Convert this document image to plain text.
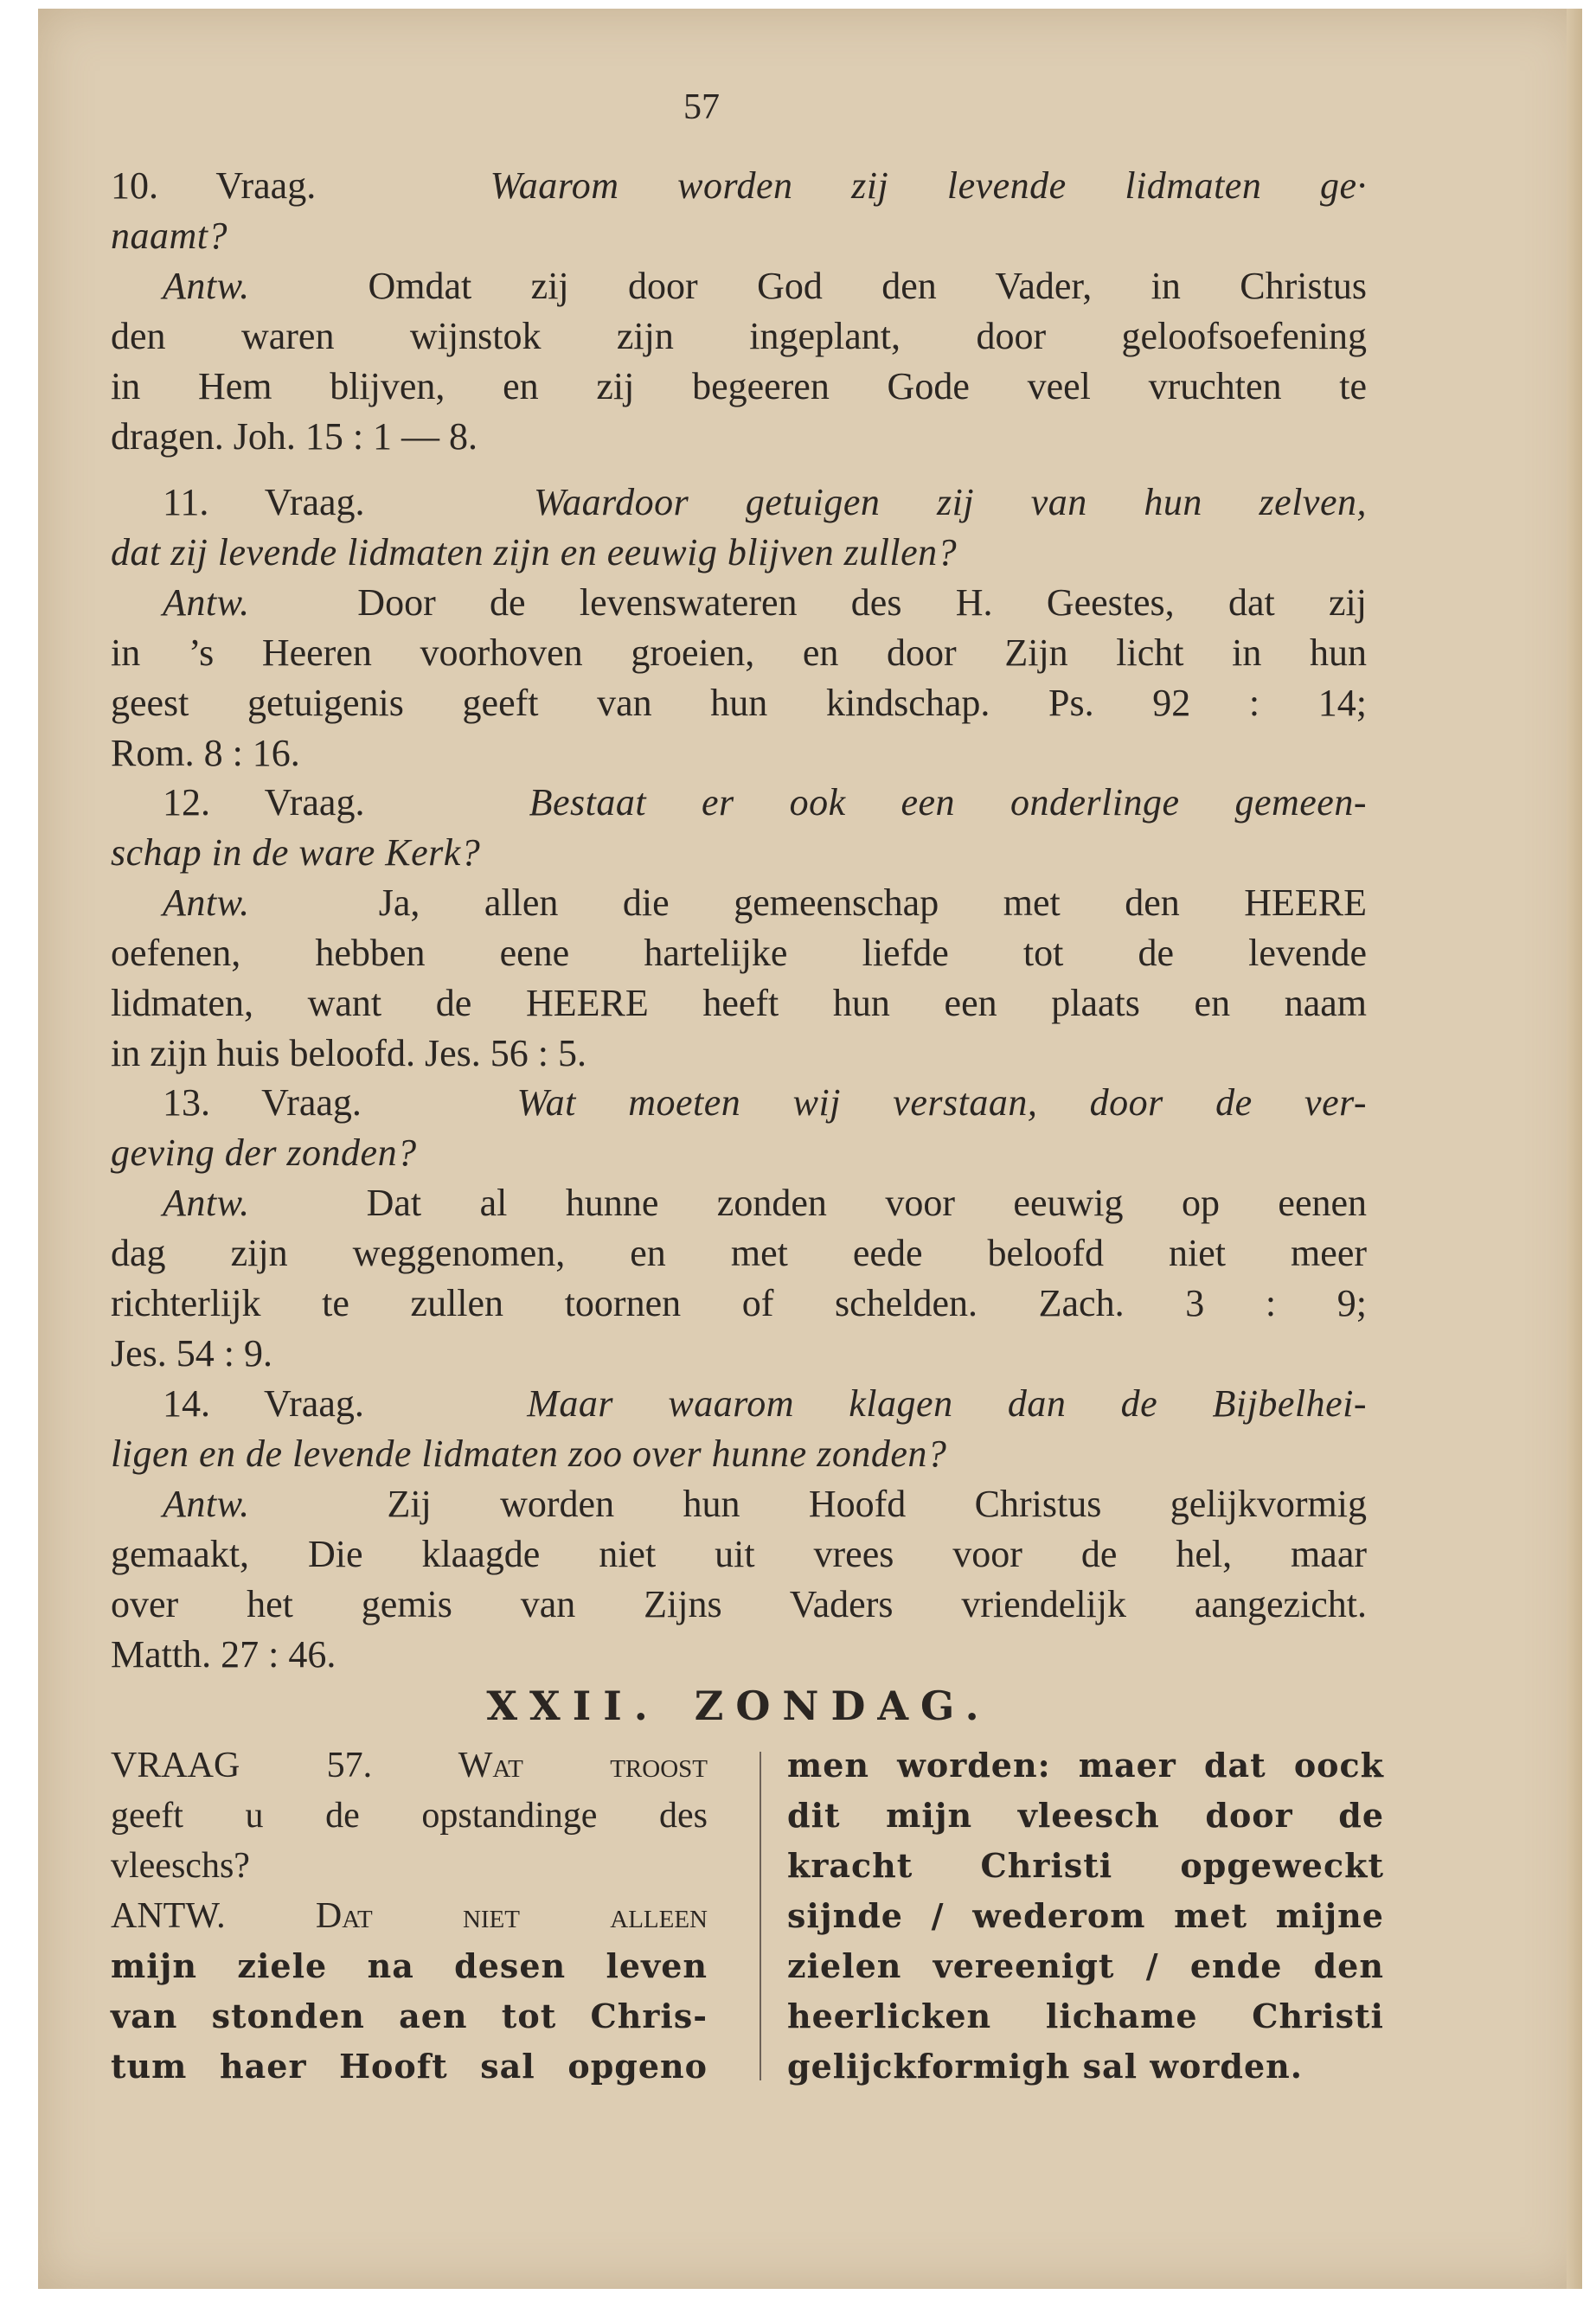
57
10. Vraag.	Waarom worden zij levende lidmaten ge·
naamt?
Antw.	Omdat zij door God den Vader, in Christus
den waren wijnstok zijn ingeplant, door geloofsoefening
in Hem blijven, en zij begeeren Gode veel vruchten te
dragen. Joh. 15 : 1 — 8.
11. Vraag.	Waardoor getuigen zij van hun zelven,
dat zij levende lidmaten zijn en eeuwig blijven zullen?
Antw.	Door de levenswateren des H. Geestes, dat zij
in ’s Heeren voorhoven groeien, en door Zijn licht in hun
geest getuigenis geeft van hun kindschap. Ps. 92 : 14;
Rom. 8 : 16.
12. Vraag.	Bestaat er ook een onderlinge gemeen-
schap in de ware Kerk?
Antw.	Ja, allen die gemeenschap met den HEERE
oefenen, hebben eene hartelijke liefde tot de levende
lidmaten, want de HEERE heeft hun een plaats en naam
in zijn huis beloofd. Jes. 56 : 5.
13. Vraag.	Wat moeten wij verstaan, door de ver-
geving der zonden?
Antw.	Dat al hunne zonden voor eeuwig op eenen
dag zijn weggenomen, en met eede beloofd niet meer
richterlijk te zullen toornen of schelden. Zach. 3 : 9;
Jes. 54 : 9.
14. Vraag.	Maar waarom klagen dan de Bijbelhei-
ligen en de levende lidmaten zoo over hunne zonden?
Antw.	Zij worden hun Hoofd Christus gelijkvormig
gemaakt, Die klaagde niet uit vrees voor de hel, maar
over het gemis van Zijns Vaders vriendelijk aangezicht.
Matth. 27 : 46.
XXII. ZONDAG.
VRAAG 57. Wat troost
geeft u de opstandinge des
vleeschs?
ANTW. Dat niet alleen
mijn ziele na desen leven
van stonden aen tot Chris-
tum haer Hooft sal opgeno
men worden: maer dat oock
dit mijn vleesch door de
kracht Christi opgeweckt
sijnde / wederom met mijne
zielen vereenigt / ende den
heerlicken lichame Christi
gelijckformigh sal worden.
